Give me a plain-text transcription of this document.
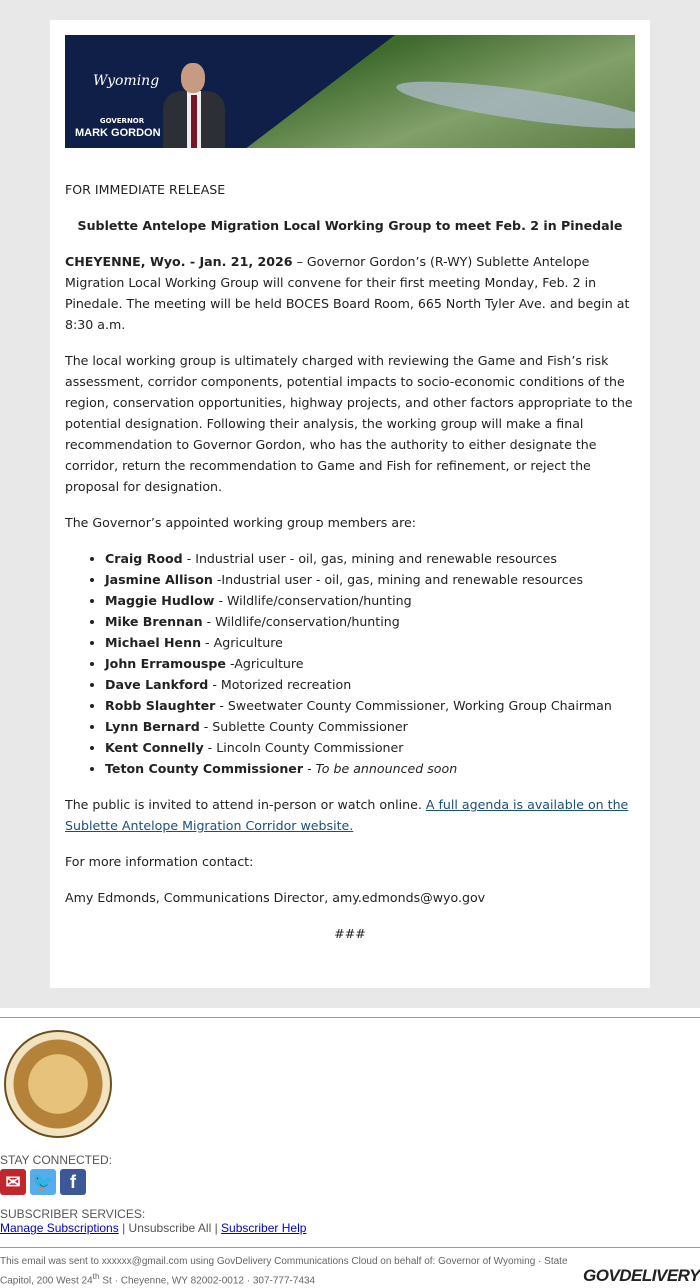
Wyoming
GOVERNOR
MARK GORDON

FOR IMMEDIATE RELEASE

Sublette Antelope Migration Local Working Group to meet Feb. 2 in Pinedale

CHEYENNE, Wyo. - Jan. 21, 2026 – Governor Gordon’s (R-WY) Sublette Antelope Migration Local Working Group will convene for their first meeting Monday, Feb. 2 in Pinedale. The meeting will be held BOCES Board Room, 665 North Tyler Ave. and begin at 8:30 a.m.

The local working group is ultimately charged with reviewing the Game and Fish’s risk assessment, corridor components, potential impacts to socio-economic conditions of the region, conservation opportunities, highway projects, and other factors appropriate to the potential designation. Following their analysis, the working group will make a final recommendation to Governor Gordon, who has the authority to either designate the corridor, return the recommendation to Game and Fish for refinement, or reject the proposal for designation.

The Governor’s appointed working group members are:

• Craig Rood - Industrial user - oil, gas, mining and renewable resources
• Jasmine Allison -Industrial user - oil, gas, mining and renewable resources
• Maggie Hudlow - Wildlife/conservation/hunting
• Mike Brennan - Wildlife/conservation/hunting
• Michael Henn - Agriculture
• John Erramouspe -Agriculture
• Dave Lankford - Motorized recreation
• Robb Slaughter - Sweetwater County Commissioner, Working Group Chairman
• Lynn Bernard - Sublette County Commissioner
• Kent Connelly - Lincoln County Commissioner
• Teton County Commissioner - To be announced soon

The public is invited to attend in-person or watch online. A full agenda is available on the Sublette Antelope Migration Corridor website.

For more information contact:

Amy Edmonds, Communications Director, amy.edmonds@wyo.gov

###

STAY CONNECTED:
✉ 🐦 f
SUBSCRIBER SERVICES:
Manage Subscriptions | Unsubscribe All | Subscriber Help
This email was sent to xxxxxx@gmail.com using GovDelivery Communications Cloud on behalf of: Governor of Wyoming · State Capitol, 200 West 24th St · Cheyenne, WY 82002-0012 · 307-777-7434	GOVDELIVERY
